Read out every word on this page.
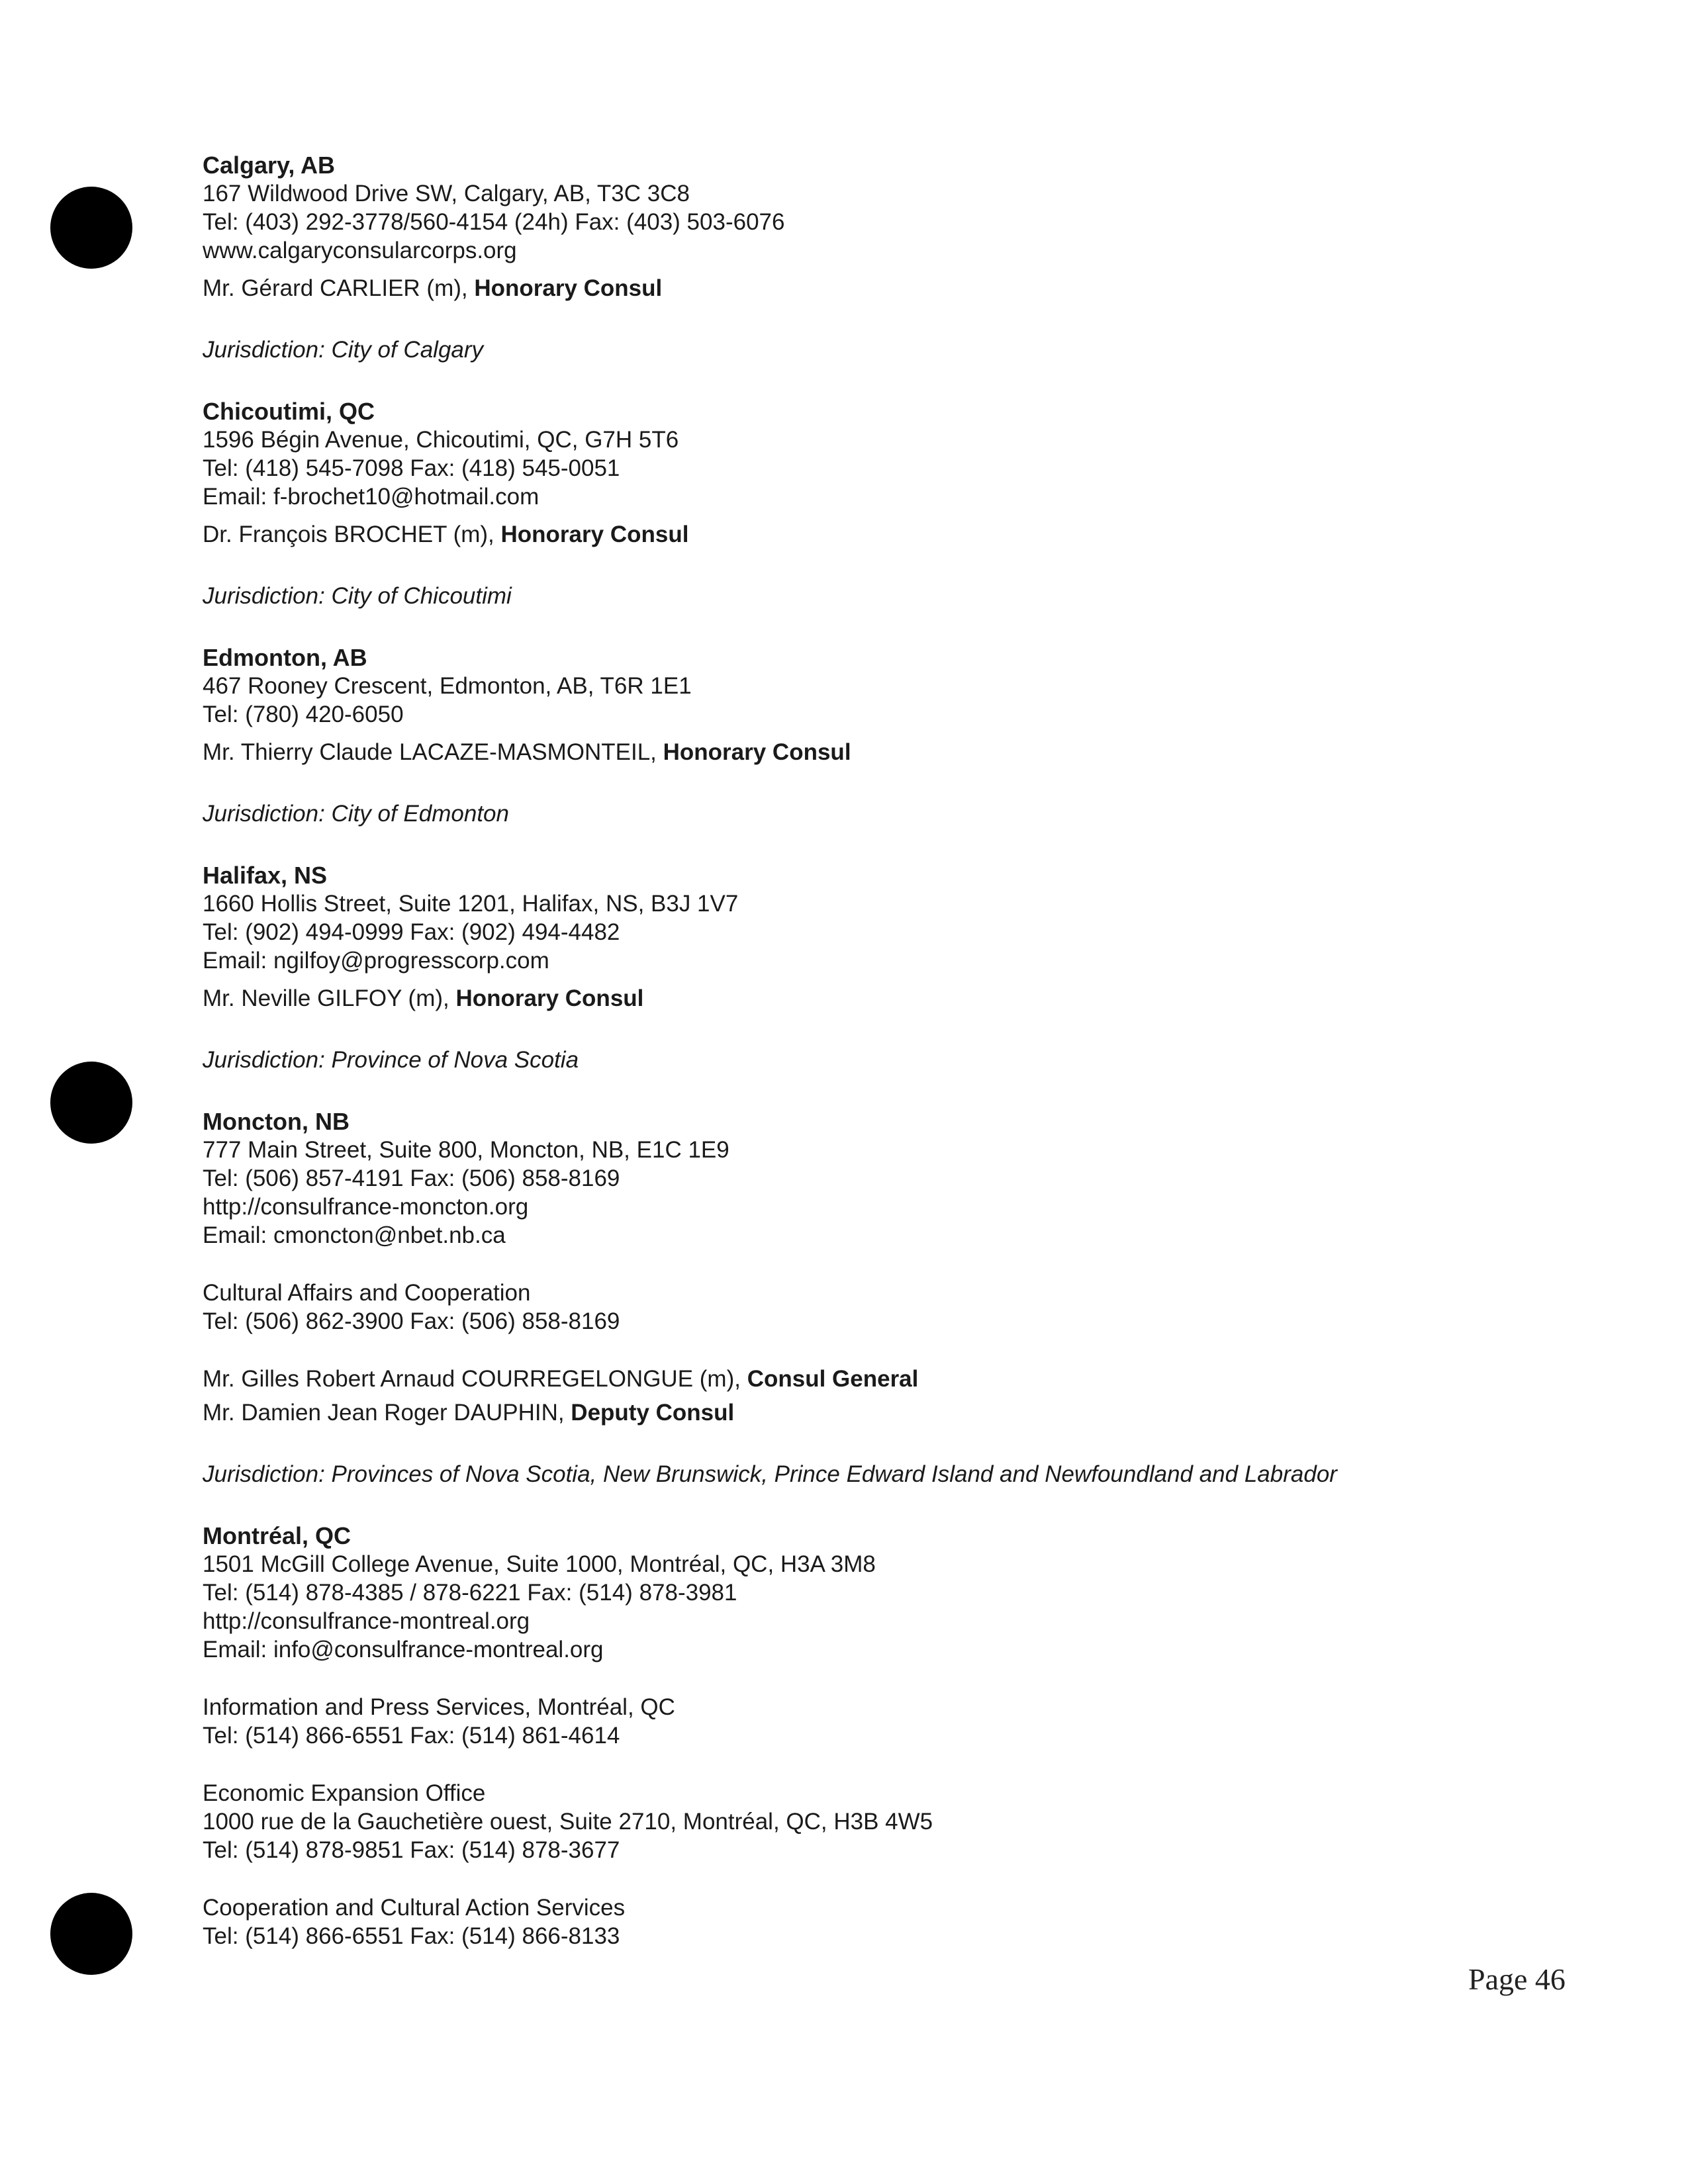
Calgary, AB
167 Wildwood Drive SW, Calgary, AB, T3C 3C8
Tel: (403) 292-3778/560-4154 (24h) Fax: (403) 503-6076
www.calgaryconsularcorps.org
Mr. Gérard CARLIER (m), Honorary Consul
Jurisdiction: City of Calgary
Chicoutimi, QC
1596 Bégin Avenue, Chicoutimi, QC, G7H 5T6
Tel: (418) 545-7098 Fax: (418) 545-0051
Email: f-brochet10@hotmail.com
Dr. François BROCHET (m), Honorary Consul
Jurisdiction: City of Chicoutimi
Edmonton, AB
467 Rooney Crescent, Edmonton, AB, T6R 1E1
Tel: (780) 420-6050
Mr. Thierry Claude LACAZE-MASMONTEIL, Honorary Consul
Jurisdiction: City of Edmonton
Halifax, NS
1660 Hollis Street, Suite 1201, Halifax, NS, B3J 1V7
Tel: (902) 494-0999 Fax: (902) 494-4482
Email: ngilfoy@progresscorp.com
Mr. Neville GILFOY (m), Honorary Consul
Jurisdiction: Province of Nova Scotia
Moncton, NB
777 Main Street, Suite 800, Moncton, NB, E1C 1E9
Tel: (506) 857-4191 Fax: (506) 858-8169
http://consulfrance-moncton.org
Email: cmoncton@nbet.nb.ca
Cultural Affairs and Cooperation
Tel: (506) 862-3900 Fax: (506) 858-8169
Mr. Gilles Robert Arnaud COURREGELONGUE (m), Consul General
Mr. Damien Jean Roger DAUPHIN, Deputy Consul
Jurisdiction: Provinces of Nova Scotia, New Brunswick, Prince Edward Island and Newfoundland and Labrador
Montréal, QC
1501 McGill College Avenue, Suite 1000, Montréal, QC, H3A 3M8
Tel: (514) 878-4385 / 878-6221 Fax: (514) 878-3981
http://consulfrance-montreal.org
Email: info@consulfrance-montreal.org
Information and Press Services, Montréal, QC
Tel: (514) 866-6551 Fax: (514) 861-4614
Economic Expansion Office
1000 rue de la Gauchetière ouest, Suite 2710, Montréal, QC, H3B 4W5
Tel: (514) 878-9851 Fax: (514) 878-3677
Cooperation and Cultural Action Services
Tel: (514) 866-6551 Fax: (514) 866-8133
Page 46
